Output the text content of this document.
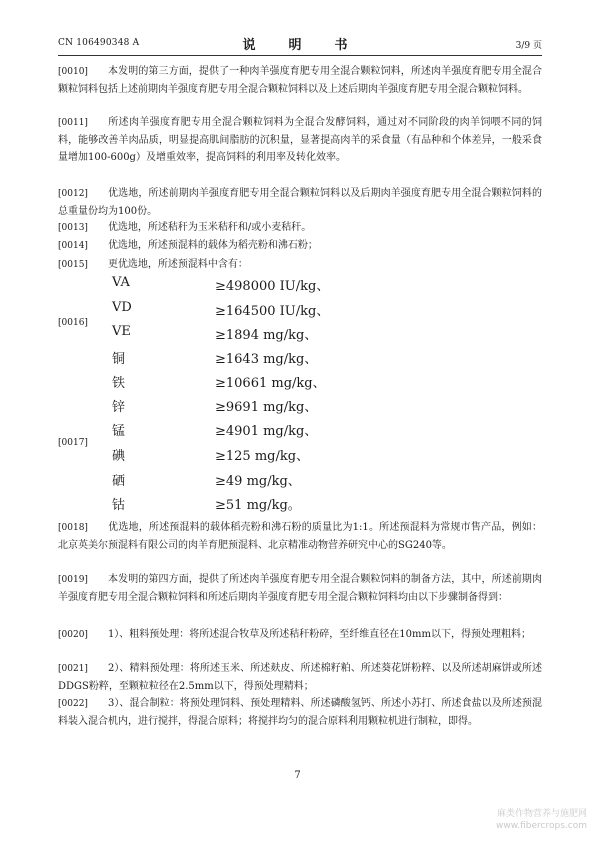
CN 106490348 A	说　明　书	3/9 页
[0010] 本发明的第三方面，提供了一种肉羊强度育肥专用全混合颗粒饲料，所述肉羊强度育肥专用全混合颗粒饲料包括上述前期肉羊强度育肥专用全混合颗粒饲料以及上述后期肉羊强度育肥专用全混合颗粒饲料。
[0011] 所述肉羊强度育肥专用全混合颗粒饲料为全混合发酵饲料，通过对不同阶段的肉羊饲喂不同的饲料，能够改善羊肉品质，明显提高肌间脂肪的沉积量，显著提高肉羊的采食量（有品种和个体差异，一般采食量增加100-600g）及增重效率，提高饲料的利用率及转化效率。
[0012] 优选地，所述前期肉羊强度育肥专用全混合颗粒饲料以及后期肉羊强度育肥专用全混合颗粒饲料的总重量份均为100份。
[0013] 优选地，所述秸秆为玉米秸秆和/或小麦秸秆。
[0014] 优选地，所述预混料的载体为稻壳粉和沸石粉；
[0015] 更优选地，所述预混料中含有：
[0016]
[0017]
VA	≥498000 IU/kg、
VD	≥164500 IU/kg、
VE	≥1894 mg/kg、
铜	≥1643 mg/kg、
铁	≥10661 mg/kg、
锌	≥9691 mg/kg、
锰	≥4901 mg/kg、
碘	≥125 mg/kg、
硒	≥49 mg/kg、
钴	≥51 mg/kg。
[0018] 优选地，所述预混料的载体稻壳粉和沸石粉的质量比为1:1。所述预混料为常规市售产品，例如：北京英美尔预混料有限公司的肉羊育肥预混料、北京精准动物营养研究中心的SG240等。
[0019] 本发明的第四方面，提供了所述肉羊强度育肥专用全混合颗粒饲料的制备方法，其中，所述前期肉羊强度育肥专用全混合颗粒饲料和所述后期肉羊强度育肥专用全混合颗粒饲料均由以下步骤制备得到：
[0020] 1）、粗料预处理：将所述混合牧草及所述秸秆粉碎，至纤维直径在10mm以下，得预处理粗料；
[0021] 2）、精料预处理：将所述玉米、所述麸皮、所述棉籽粕、所述葵花饼粉粹、以及所述胡麻饼或所述DDGS粉粹，至颗粒粒径在2.5mm以下，得预处理精料；
[0022] 3）、混合制粒：将预处理饲料、预处理精料、所述磷酸氢钙、所述小苏打、所述食盐以及所述预混料装入混合机内，进行搅拌，得混合原料；将搅拌均匀的混合原料利用颗粒机进行制粒，即得。
7
麻类作物营养与施肥网
www.fibercrops.com
